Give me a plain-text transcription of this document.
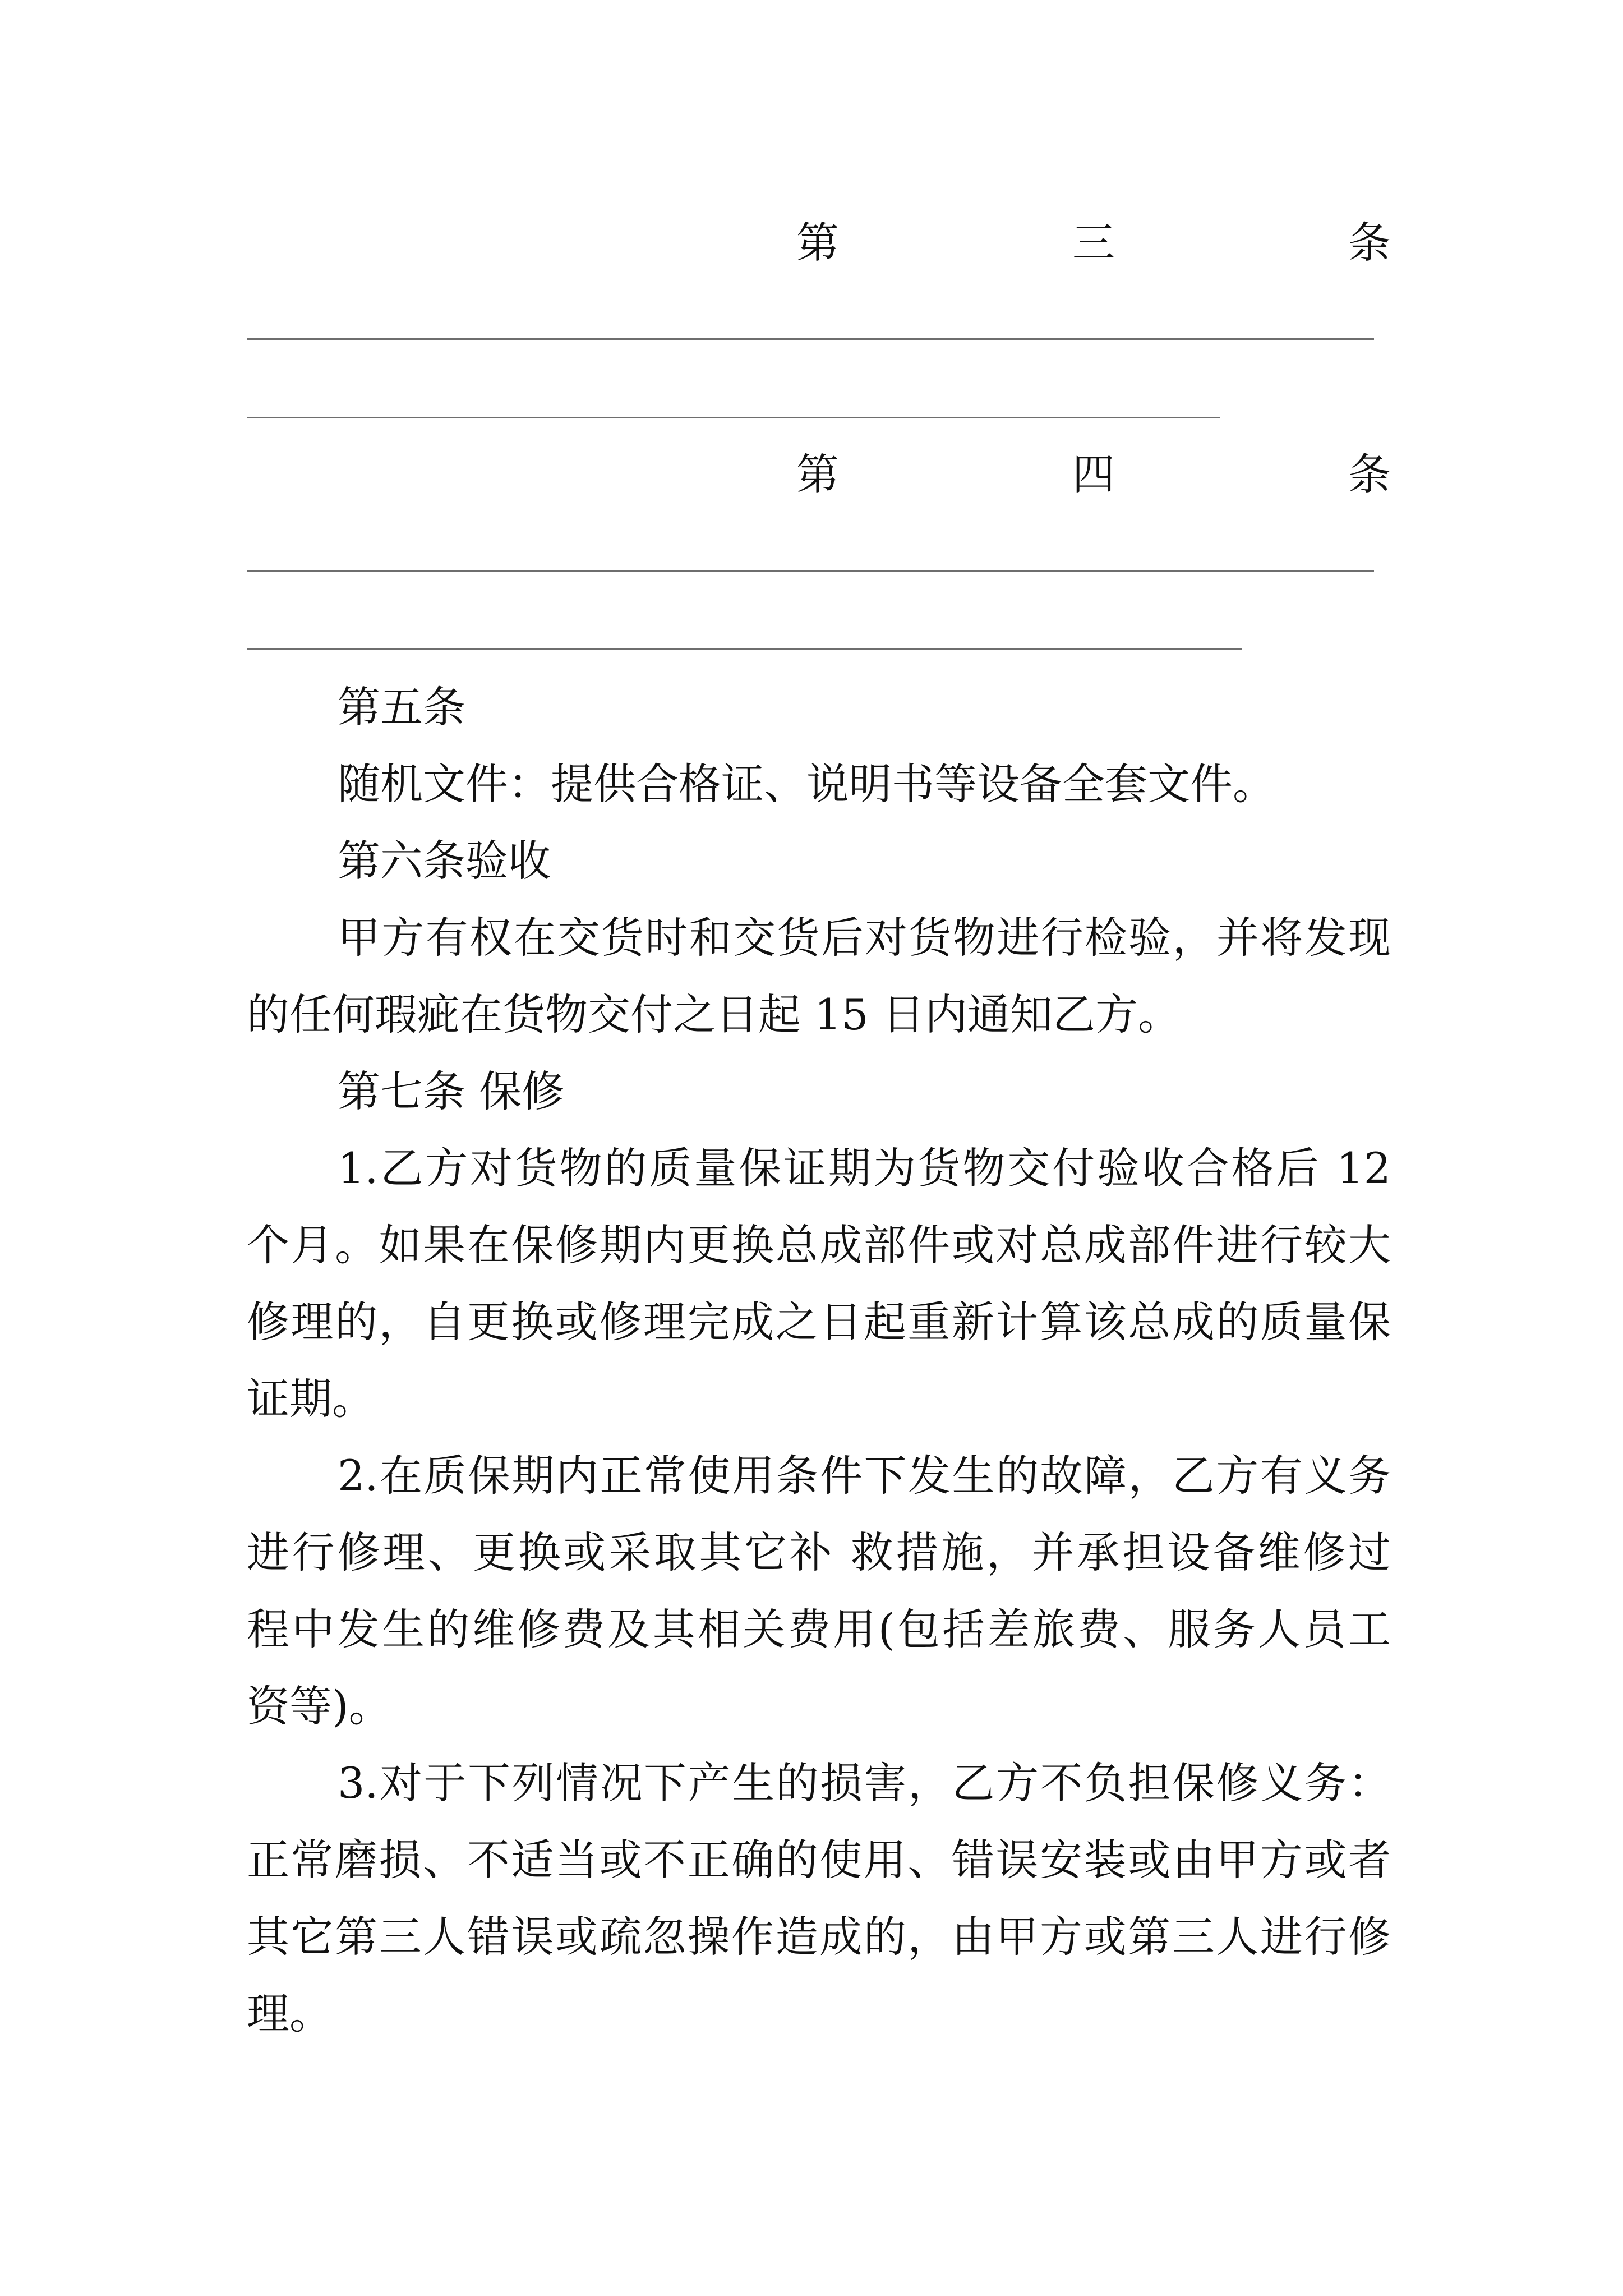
第	三	条
第	四	条
第五条
随机文件：提供合格证、说明书等设备全套文件。
第六条验收
甲方有权在交货时和交货后对货物进行检验，并将发现
的任何瑕疵在货物交付之日起 15 日内通知乙方。
第七条 保修
1.乙方对货物的质量保证期为货物交付验收合格后 12
个月。如果在保修期内更换总成部件或对总成部件进行较大
修理的，自更换或修理完成之日起重新计算该总成的质量保
证期。
2.在质保期内正常使用条件下发生的故障，乙方有义务
进行修理、更换或采取其它补 救措施，并承担设备维修过
程中发生的维修费及其相关费用(包括差旅费、服务人员工
资等)。
3.对于下列情况下产生的损害，乙方不负担保修义务：
正常磨损、不适当或不正确的使用、错误安装或由甲方或者
其它第三人错误或疏忽操作造成的，由甲方或第三人进行修
理。
